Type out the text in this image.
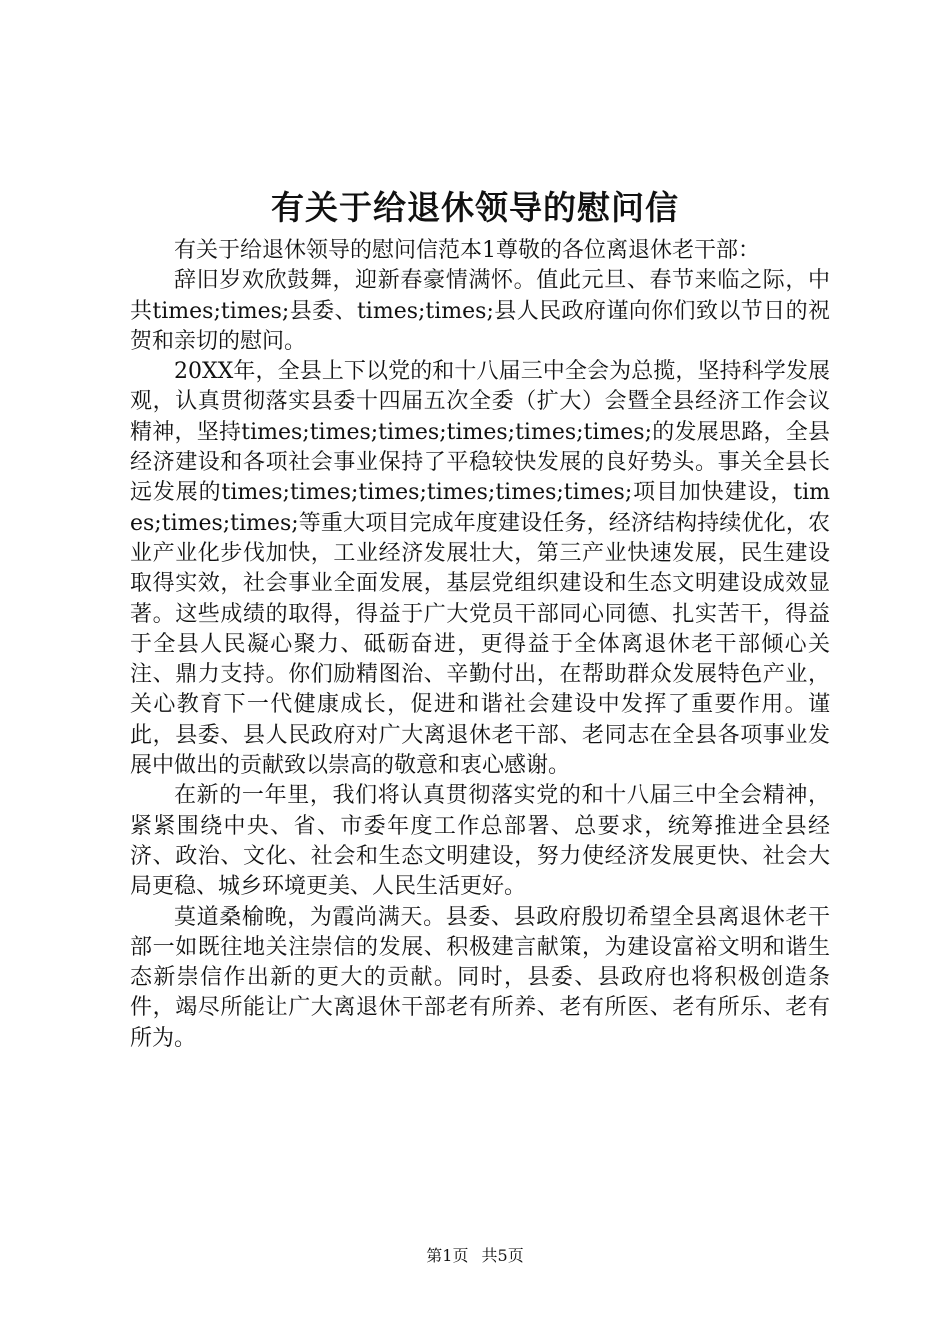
有关于给退休领导的慰问信

有关于给退休领导的慰问信范本1尊敬的各位离退休老干部：

辞旧岁欢欣鼓舞，迎新春豪情满怀。值此元旦、春节来临之际，中共times;times;县委、times;times;县人民政府谨向你们致以节日的祝贺和亲切的慰问。

20XX年，全县上下以党的和十八届三中全会为总揽，坚持科学发展观，认真贯彻落实县委十四届五次全委（扩大）会暨全县经济工作会议精神，坚持times;times;times;times;times;times;的发展思路，全县经济建设和各项社会事业保持了平稳较快发展的良好势头。事关全县长远发展的times;times;times;times;times;times;项目加快建设，times;times;times;等重大项目完成年度建设任务，经济结构持续优化，农业产业化步伐加快，工业经济发展壮大，第三产业快速发展，民生建设取得实效，社会事业全面发展，基层党组织建设和生态文明建设成效显著。这些成绩的取得，得益于广大党员干部同心同德、扎实苦干，得益于全县人民凝心聚力、砥砺奋进，更得益于全体离退休老干部倾心关注、鼎力支持。你们励精图治、辛勤付出，在帮助群众发展特色产业，关心教育下一代健康成长，促进和谐社会建设中发挥了重要作用。谨此，县委、县人民政府对广大离退休老干部、老同志在全县各项事业发展中做出的贡献致以崇高的敬意和衷心感谢。

在新的一年里，我们将认真贯彻落实党的和十八届三中全会精神，紧紧围绕中央、省、市委年度工作总部署、总要求，统筹推进全县经济、政治、文化、社会和生态文明建设，努力使经济发展更快、社会大局更稳、城乡环境更美、人民生活更好。

莫道桑榆晚，为霞尚满天。县委、县政府殷切希望全县离退休老干部一如既往地关注崇信的发展、积极建言献策，为建设富裕文明和谐生态新崇信作出新的更大的贡献。同时，县委、县政府也将积极创造条件，竭尽所能让广大离退休干部老有所养、老有所医、老有所乐、老有所为。

第1页 共5页
